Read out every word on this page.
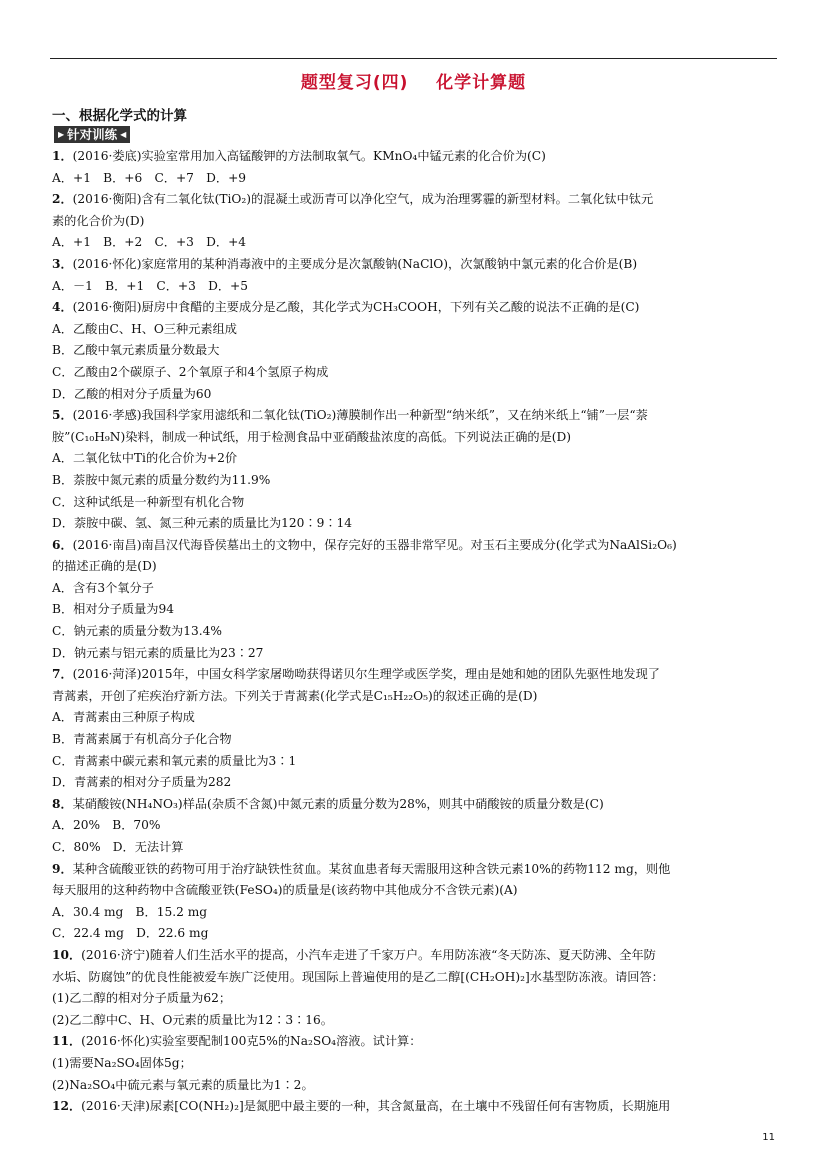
题型复习(四)    化学计算题
一、根据化学式的计算
▶ 针对训练 ◀
1．(2016·娄底)实验室常用加入高锰酸钾的方法制取氧气。KMnO₄中锰元素的化合价为(C)
A．+1　B．+6　C．+7　D．+9
2．(2016·衡阳)含有二氧化钛(TiO₂)的混凝土或沥青可以净化空气，成为治理雾霾的新型材料。二氧化钛中钛元
素的化合价为(D)
A．+1　B．+2　C．+3　D．+4
3．(2016·怀化)家庭常用的某种消毒液中的主要成分是次氯酸钠(NaClO)，次氯酸钠中氯元素的化合价是(B)
A．－1　B．+1　C．+3　D．+5
4．(2016·衡阳)厨房中食醋的主要成分是乙酸，其化学式为CH₃COOH，下列有关乙酸的说法不正确的是(C)
A．乙酸由C、H、O三种元素组成
B．乙酸中氧元素质量分数最大
C．乙酸由2个碳原子、2个氧原子和4个氢原子构成
D．乙酸的相对分子质量为60
5．(2016·孝感)我国科学家用滤纸和二氧化钛(TiO₂)薄膜制作出一种新型“纳米纸”，又在纳米纸上“铺”一层“萘
胺”(C₁₀H₉N)染料，制成一种试纸，用于检测食品中亚硝酸盐浓度的高低。下列说法正确的是(D)
A．二氧化钛中Ti的化合价为+2价
B．萘胺中氮元素的质量分数约为11.9%
C．这种试纸是一种新型有机化合物
D．萘胺中碳、氢、氮三种元素的质量比为120∶9∶14
6．(2016·南昌)南昌汉代海昏侯墓出土的文物中，保存完好的玉器非常罕见。对玉石主要成分(化学式为NaAlSi₂O₆)
的描述正确的是(D)
A．含有3个氧分子
B．相对分子质量为94
C．钠元素的质量分数为13.4%
D．钠元素与铝元素的质量比为23∶27
7．(2016·菏泽)2015年，中国女科学家屠呦呦获得诺贝尔生理学或医学奖，理由是她和她的团队先驱性地发现了
青蒿素，开创了疟疾治疗新方法。下列关于青蒿素(化学式是C₁₅H₂₂O₅)的叙述正确的是(D)
A．青蒿素由三种原子构成
B．青蒿素属于有机高分子化合物
C．青蒿素中碳元素和氧元素的质量比为3∶1
D．青蒿素的相对分子质量为282
8．某硝酸铵(NH₄NO₃)样品(杂质不含氮)中氮元素的质量分数为28%，则其中硝酸铵的质量分数是(C)
A．20%　B．70%
C．80%　D．无法计算
9．某种含硫酸亚铁的药物可用于治疗缺铁性贫血。某贫血患者每天需服用这种含铁元素10%的药物112 mg，则他
每天服用的这种药物中含硫酸亚铁(FeSO₄)的质量是(该药物中其他成分不含铁元素)(A)
A．30.4 mg　B．15.2 mg
C．22.4 mg　D．22.6 mg
10．(2016·济宁)随着人们生活水平的提高，小汽车走进了千家万户。车用防冻液“冬天防冻、夏天防沸、全年防
水垢、防腐蚀”的优良性能被爱车族广泛使用。现国际上普遍使用的是乙二醇[(CH₂OH)₂]水基型防冻液。请回答：
(1)乙二醇的相对分子质量为62；
(2)乙二醇中C、H、O元素的质量比为12∶3∶16。
11．(2016·怀化)实验室要配制100克5%的Na₂SO₄溶液。试计算：
(1)需要Na₂SO₄固体5g；
(2)Na₂SO₄中硫元素与氧元素的质量比为1∶2。
12．(2016·天津)尿素[CO(NH₂)₂]是氮肥中最主要的一种，其含氮量高，在土壤中不残留任何有害物质，长期施用
11
